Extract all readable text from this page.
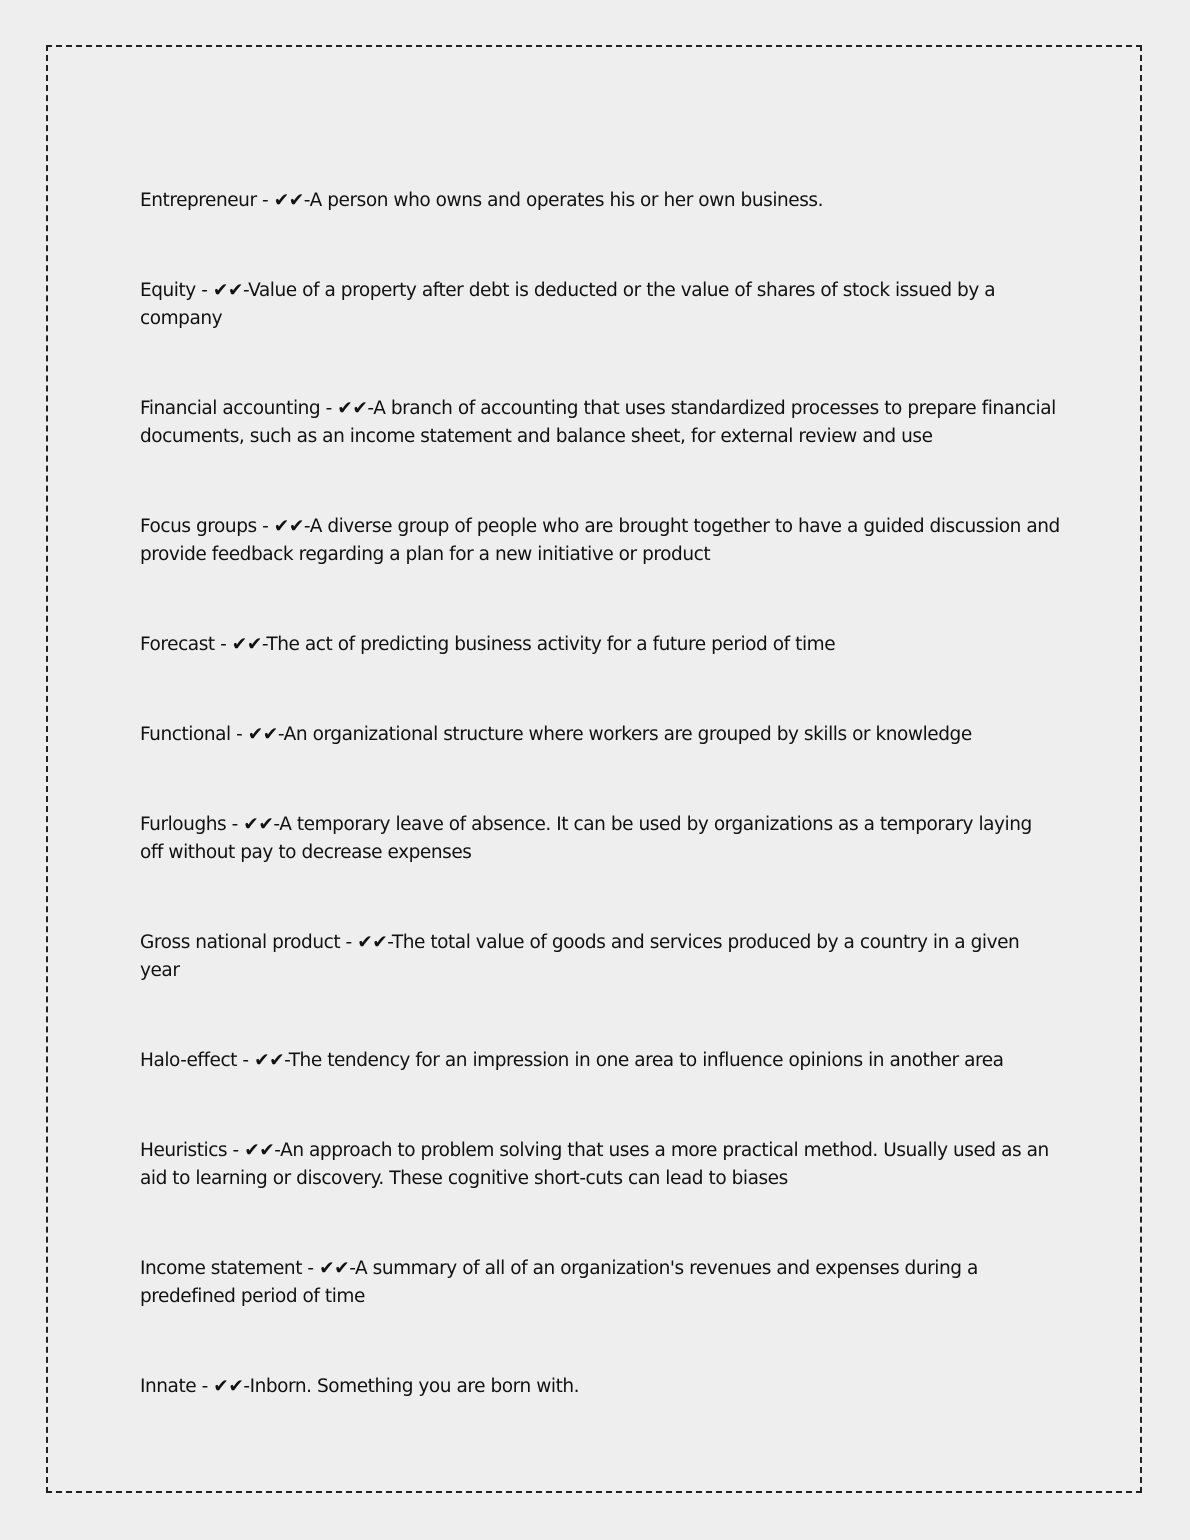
Entrepreneur - ✔✔-A person who owns and operates his or her own business.
Equity - ✔✔-Value of a property after debt is deducted or the value of shares of stock issued by a company
Financial accounting - ✔✔-A branch of accounting that uses standardized processes to prepare financial documents, such as an income statement and balance sheet, for external review and use
Focus groups - ✔✔-A diverse group of people who are brought together to have a guided discussion and provide feedback regarding a plan for a new initiative or product
Forecast - ✔✔-The act of predicting business activity for a future period of time
Functional - ✔✔-An organizational structure where workers are grouped by skills or knowledge
Furloughs - ✔✔-A temporary leave of absence. It can be used by organizations as a temporary laying off without pay to decrease expenses
Gross national product - ✔✔-The total value of goods and services produced by a country in a given year
Halo-effect - ✔✔-The tendency for an impression in one area to influence opinions in another area
Heuristics - ✔✔-An approach to problem solving that uses a more practical method. Usually used as an aid to learning or discovery. These cognitive short-cuts can lead to biases
Income statement - ✔✔-A summary of all of an organization's revenues and expenses during a predefined period of time
Innate - ✔✔-Inborn. Something you are born with.
